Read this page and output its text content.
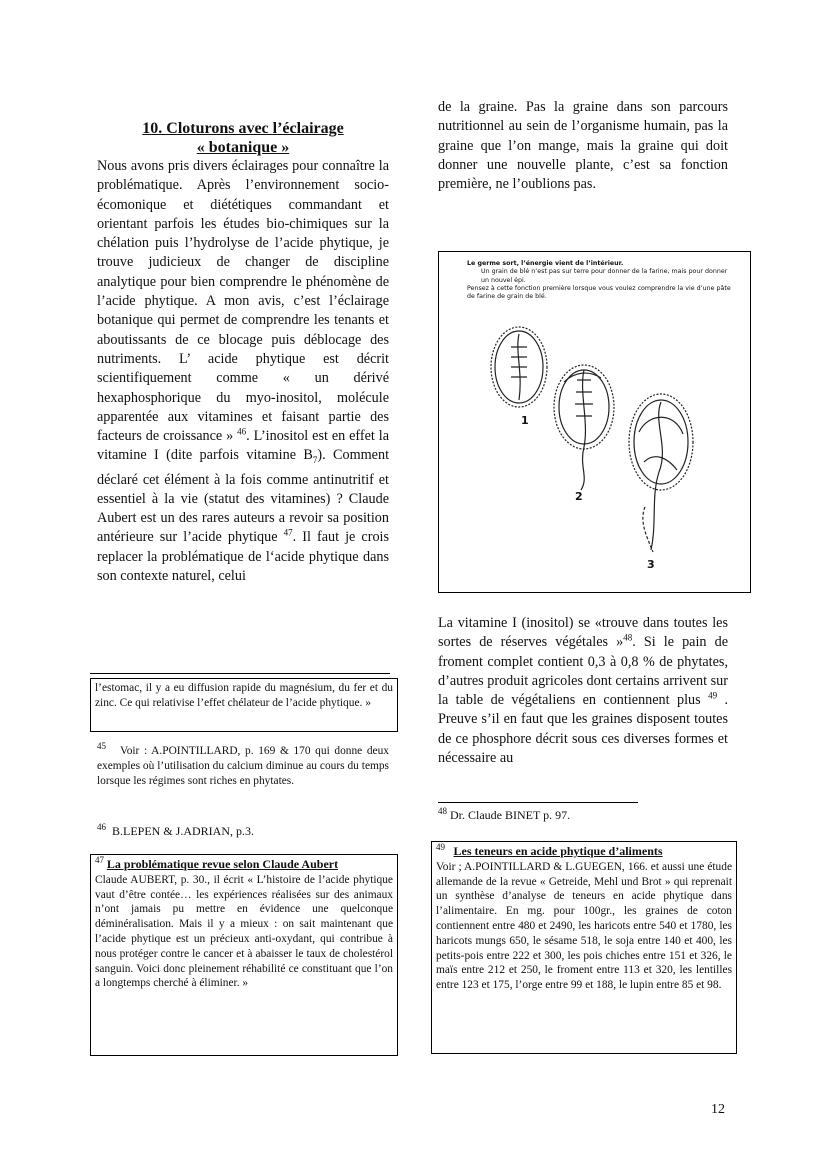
10. Cloturons avec l’éclairage
« botanique »

Nous avons pris divers éclairages pour connaître la problématique. Après l’environnement socio-écomonique et diététiques commandant et orientant parfois les études bio-chimiques sur la chélation puis l’hydrolyse de l’acide phytique, je trouve judicieux de changer de discipline analytique pour bien comprendre le phénomène de l’acide phytique. A mon avis, c’est l’éclairage botanique qui permet de comprendre les tenants et aboutissants de ce blocage puis déblocage des nutriments. L’ acide phytique est décrit scientifiquement comme « un dérivé hexaphosphorique du myo-inositol, molécule apparentée aux vitamines et faisant partie des facteurs de croissance » $^{46}$. L’inositol est en effet la vitamine I (dite parfois vitamine $B_7$). Comment déclaré cet élément à la fois comme antinutritif et essentiel à la vie (statut des vitamines) ? Claude Aubert est un des rares auteurs a revoir sa position antérieure sur l’acide phytique $^{47}$. Il faut je crois replacer la problématique de l‘acide phytique dans son contexte naturel, celui

l’estomac, il y a eu diffusion rapide du magnésium, du fer et du zinc. Ce qui relativise l’effet chélateur de l’acide phytique. »

$^{45}$ Voir : A.POINTILLARD, p. 169 & 170 qui donne deux exemples où l’utilisation du calcium diminue au cours du temps lorsque les régimes sont riches en phytates.

$^{46}$ B.LEPEN & J.ADRIAN, p.3.

$^{47}$ La problématique revue selon Claude Aubert
Claude AUBERT, p. 30., il écrit « L’histoire de l’acide phytique vaut d’être contée… les expériences réalisées sur des animaux n’ont jamais pu mettre en évidence une quelconque déminéralisation. Mais il y a mieux : on sait maintenant que l’acide phytique est un précieux anti-oxydant, qui contribue à nous protéger contre le cancer et à abaisser le taux de cholestérol sanguin. Voici donc pleinement réhabilité ce constituant que l’on a longtemps cherché à éliminer. »

de la graine. Pas la graine dans son parcours nutritionnel au sein de l’organisme humain, pas la graine que l’on mange, mais la graine qui doit donner une nouvelle plante, c’est sa fonction première, ne l’oublions pas.

Le germe sort, l’énergie vient de l’intérieur.
Un grain de blé n’est pas sur terre pour donner de la farine, mais pour donner un nouvel épi.
Pensez à cette fonction première lorsque vous voulez comprendre la vie d’une pâte de farine de grain de blé.
1
2
3

La vitamine I (inositol) se «trouve dans toutes les sortes de réserves végétales »$^{48}$. Si le pain de froment complet contient 0,3 à 0,8 % de phytates, d’autres produit agricoles dont certains arrivent sur la table de végétaliens en contiennent plus $^{49}$ . Preuve s’il en faut que les graines disposent toutes de ce phosphore décrit sous ces diverses formes et nécessaire au

$^{48}$ Dr. Claude BINET p. 97.

$^{49}$ Les teneurs en acide phytique d’aliments
Voir ; A.POINTILLARD & L.GUEGEN, 166. et aussi une étude allemande de la revue « Getreide, Mehl und Brot » qui reprenait un synthèse d’analyse de teneurs en acide phytique dans l’alimentaire. En mg. pour 100gr., les graines de coton contiennent entre 480 et 2490, les haricots entre 540 et 1780, les haricots mungs 650, le sésame 518, le soja entre 140 et 400, les petits-pois entre 222 et 300, les pois chiches entre 151 et 326, le maïs entre 212 et 250, le froment entre 113 et 320, les lentilles entre 123 et 175, l’orge entre 99 et 188, le lupin entre 85 et 98.

12
